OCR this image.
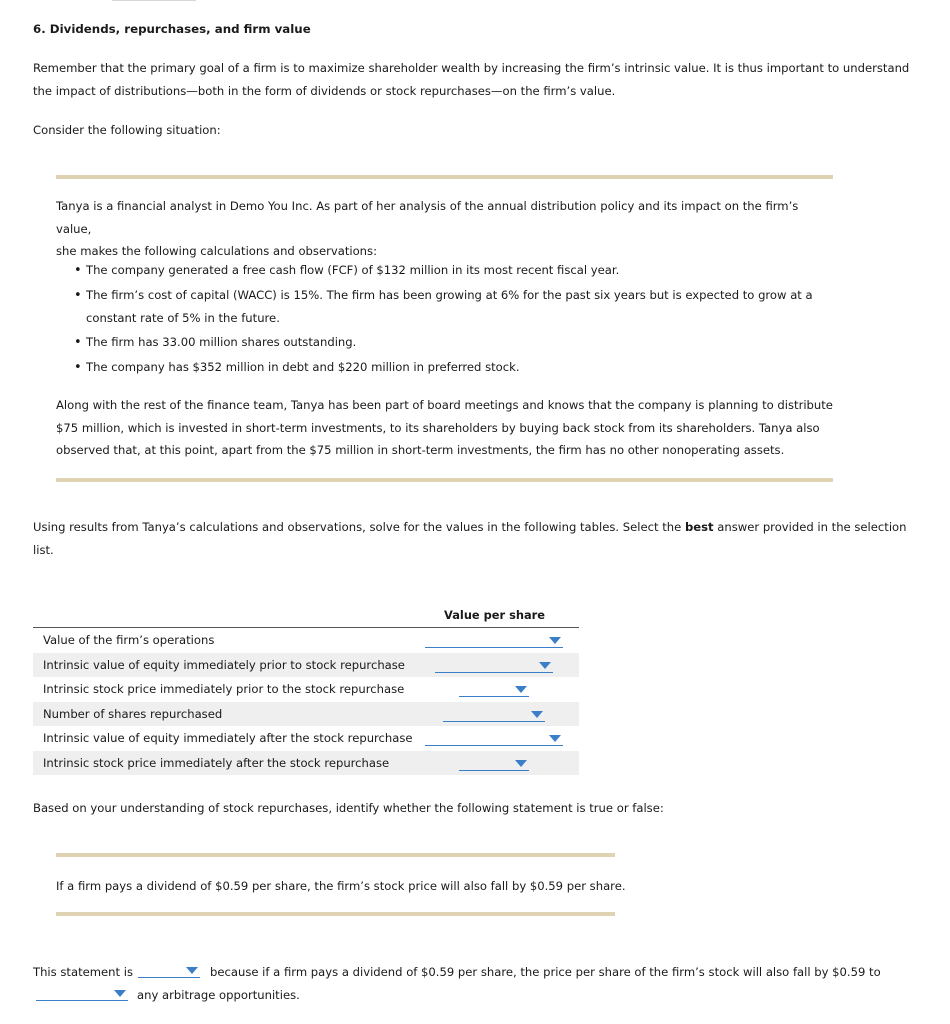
6. Dividends, repurchases, and firm value
Remember that the primary goal of a firm is to maximize shareholder wealth by increasing the firm’s intrinsic value. It is thus important to understand
the impact of distributions—both in the form of dividends or stock repurchases—on the firm’s value.
Consider the following situation:
Tanya is a financial analyst in Demo You Inc. As part of her analysis of the annual distribution policy and its impact on the firm’s value,
she makes the following calculations and observations:
• The company generated a free cash flow (FCF) of $132 million in its most recent fiscal year.
• The firm’s cost of capital (WACC) is 15%. The firm has been growing at 6% for the past six years but is expected to grow at a
constant rate of 5% in the future.
• The firm has 33.00 million shares outstanding.
• The company has $352 million in debt and $220 million in preferred stock.
Along with the rest of the finance team, Tanya has been part of board meetings and knows that the company is planning to distribute
$75 million, which is invested in short-term investments, to its shareholders by buying back stock from its shareholders. Tanya also
observed that, at this point, apart from the $75 million in short-term investments, the firm has no other nonoperating assets.
Using results from Tanya’s calculations and observations, solve for the values in the following tables. Select the best answer provided in the selection
list.
Value per share
Value of the firm’s operations
Intrinsic value of equity immediately prior to stock repurchase
Intrinsic stock price immediately prior to the stock repurchase
Number of shares repurchased
Intrinsic value of equity immediately after the stock repurchase
Intrinsic stock price immediately after the stock repurchase
Based on your understanding of stock repurchases, identify whether the following statement is true or false:
If a firm pays a dividend of $0.59 per share, the firm’s stock price will also fall by $0.59 per share.
This statement is	because if a firm pays a dividend of $0.59 per share, the price per share of the firm’s stock will also fall by $0.59 to
any arbitrage opportunities.
